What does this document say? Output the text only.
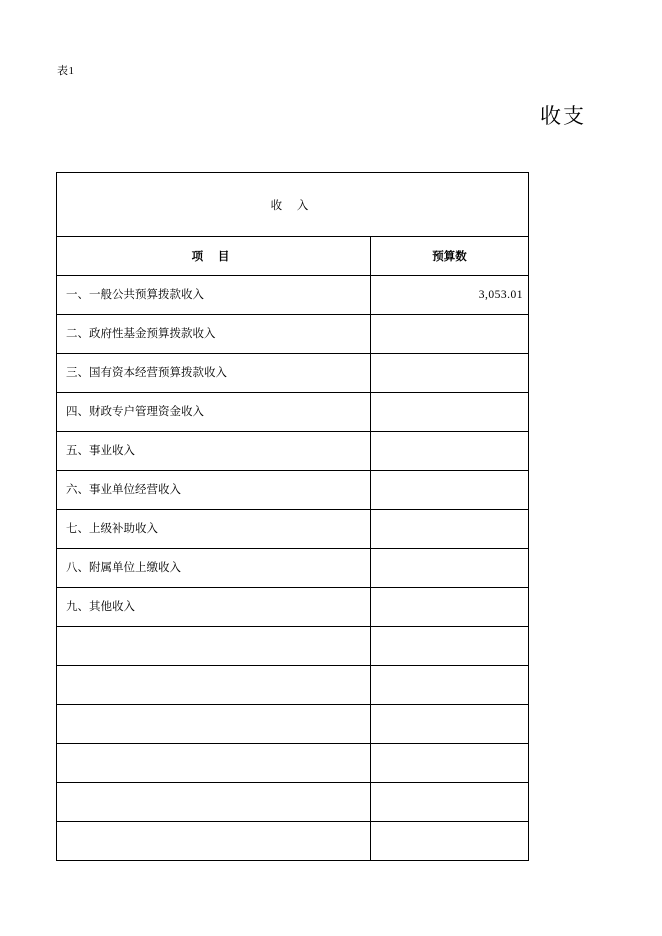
表1
收支
收 入	
项 目	预算数

一、一般公共预算拨款收入	3,053.01

二、政府性基金预算拨款收入	

三、国有资本经营预算拨款收入	

四、财政专户管理资金收入	

五、事业收入	

六、事业单位经营收入	

七、上级补助收入	

八、附属单位上缴收入	

九、其他收入	
